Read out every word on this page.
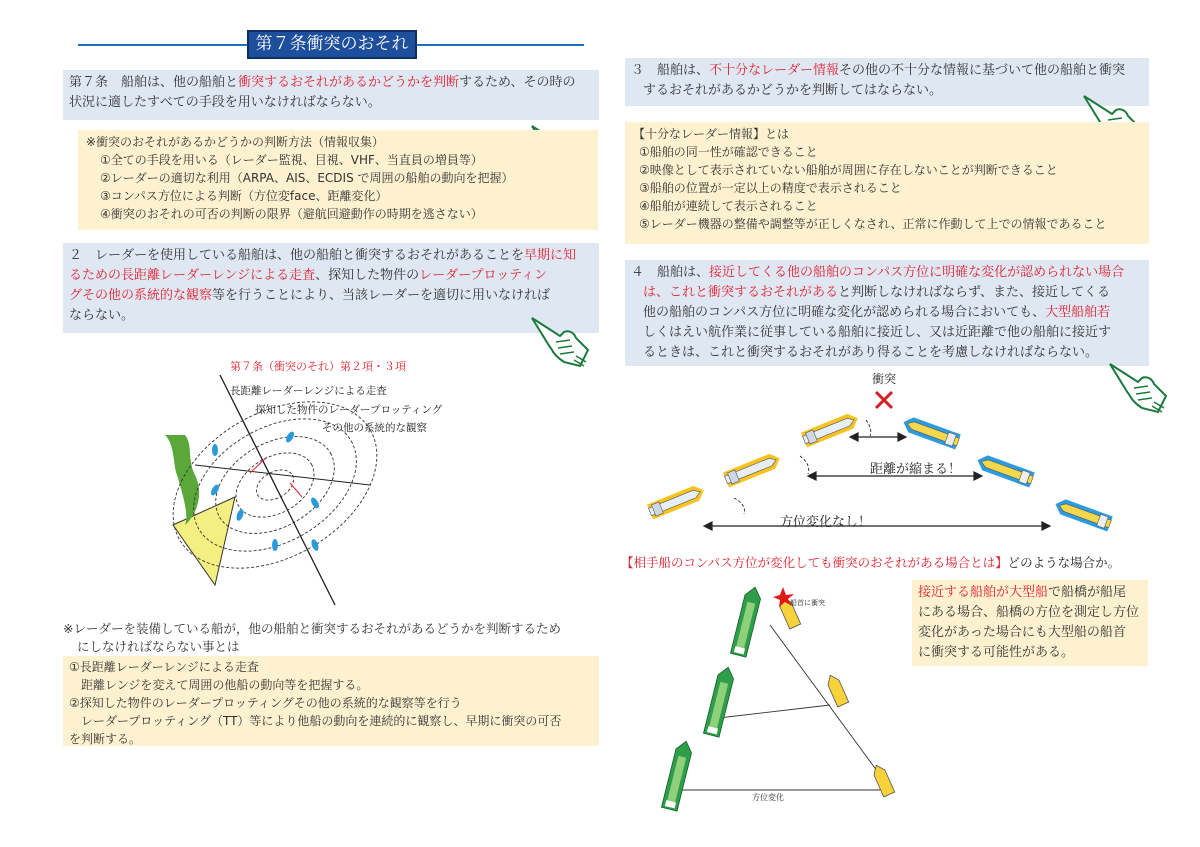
第７条衝突のおそれ

第７条　船舶は、他の船舶と衝突するおそれがあるかどうかを判断するため、その時の

状況に適したすべての手段を用いなければならない。

※衝突のおそれがあるかどうかの判断方法（情報収集）

①全ての手段を用いる（レーダー監視、目視、VHF、当直員の増員等）

②レーダーの適切な利用（ARPA、AIS、ECDIS で周囲の船舶の動向を把握）

③コンパス方位による判断（方位変face、距離変化）

④衝突のおそれの可否の判断の限界（避航回避動作の時期を逃さない）

２　レーダーを使用している船舶は、他の船舶と衝突するおそれがあることを早期に知

るための長距離レーダーレンジによる走査、探知した物件のレーダープロッティン

グその他の系統的な観察等を行うことにより、当該レーダーを適切に用いなければ

ならない。

第７条（衝突のそれ）第２項・３項
長距離レーダーレンジによる走査
探知した物件のレーダープロッティング
その他の系統的な観察

※レーダーを装備している船が，他の船舶と衝突するおそれがあるどうかを判断するため

にしなければならない事とは

①長距離レーダーレンジによる走査

　距離レンジを変えて周囲の他船の動向等を把握する。

②探知した物件のレーダープロッティングその他の系統的な観察等を行う

　レーダープロッティング（TT）等により他船の動向を連続的に観察し、早期に衝突の可否

を判断する。

３　船舶は、不十分なレーダー情報その他の不十分な情報に基づいて他の船舶と衝突

するおそれがあるかどうかを判断してはならない。

【十分なレーダー情報】とは

①船舶の同一性が確認できること

②映像として表示されていない船舶が周囲に存在しないことが判断できること

③船舶の位置が一定以上の精度で表示されること

④船舶が連続して表示されること

⑤レーダー機器の整備や調整等が正しくなされ、正常に作動して上での情報であること

４　船舶は、接近してくる他の船舶のコンパス方位に明確な変化が認められない場合

は、これと衝突するおそれがあると判断しなければならず、また、接近してくる

他の船舶のコンパス方位に明確な変化が認められる場合においても、大型船舶若

しくはえい航作業に従事している船舶に接近し、又は近距離で他の船舶に接近す

るときは、これと衝突するおそれがあり得ることを考慮しなければならない。

衝突
距離が縮まる！
方位変化なし！
【相手船のコンパス方位が変化しても衝突のおそれがある場合とは】どのような場合か。

接近する船舶が大型船で船橋が船尾

にある場合、船橋の方位を測定し方位

変化があった場合にも大型船の船首

に衝突する可能性がある。

船首に衝突
方位変化
